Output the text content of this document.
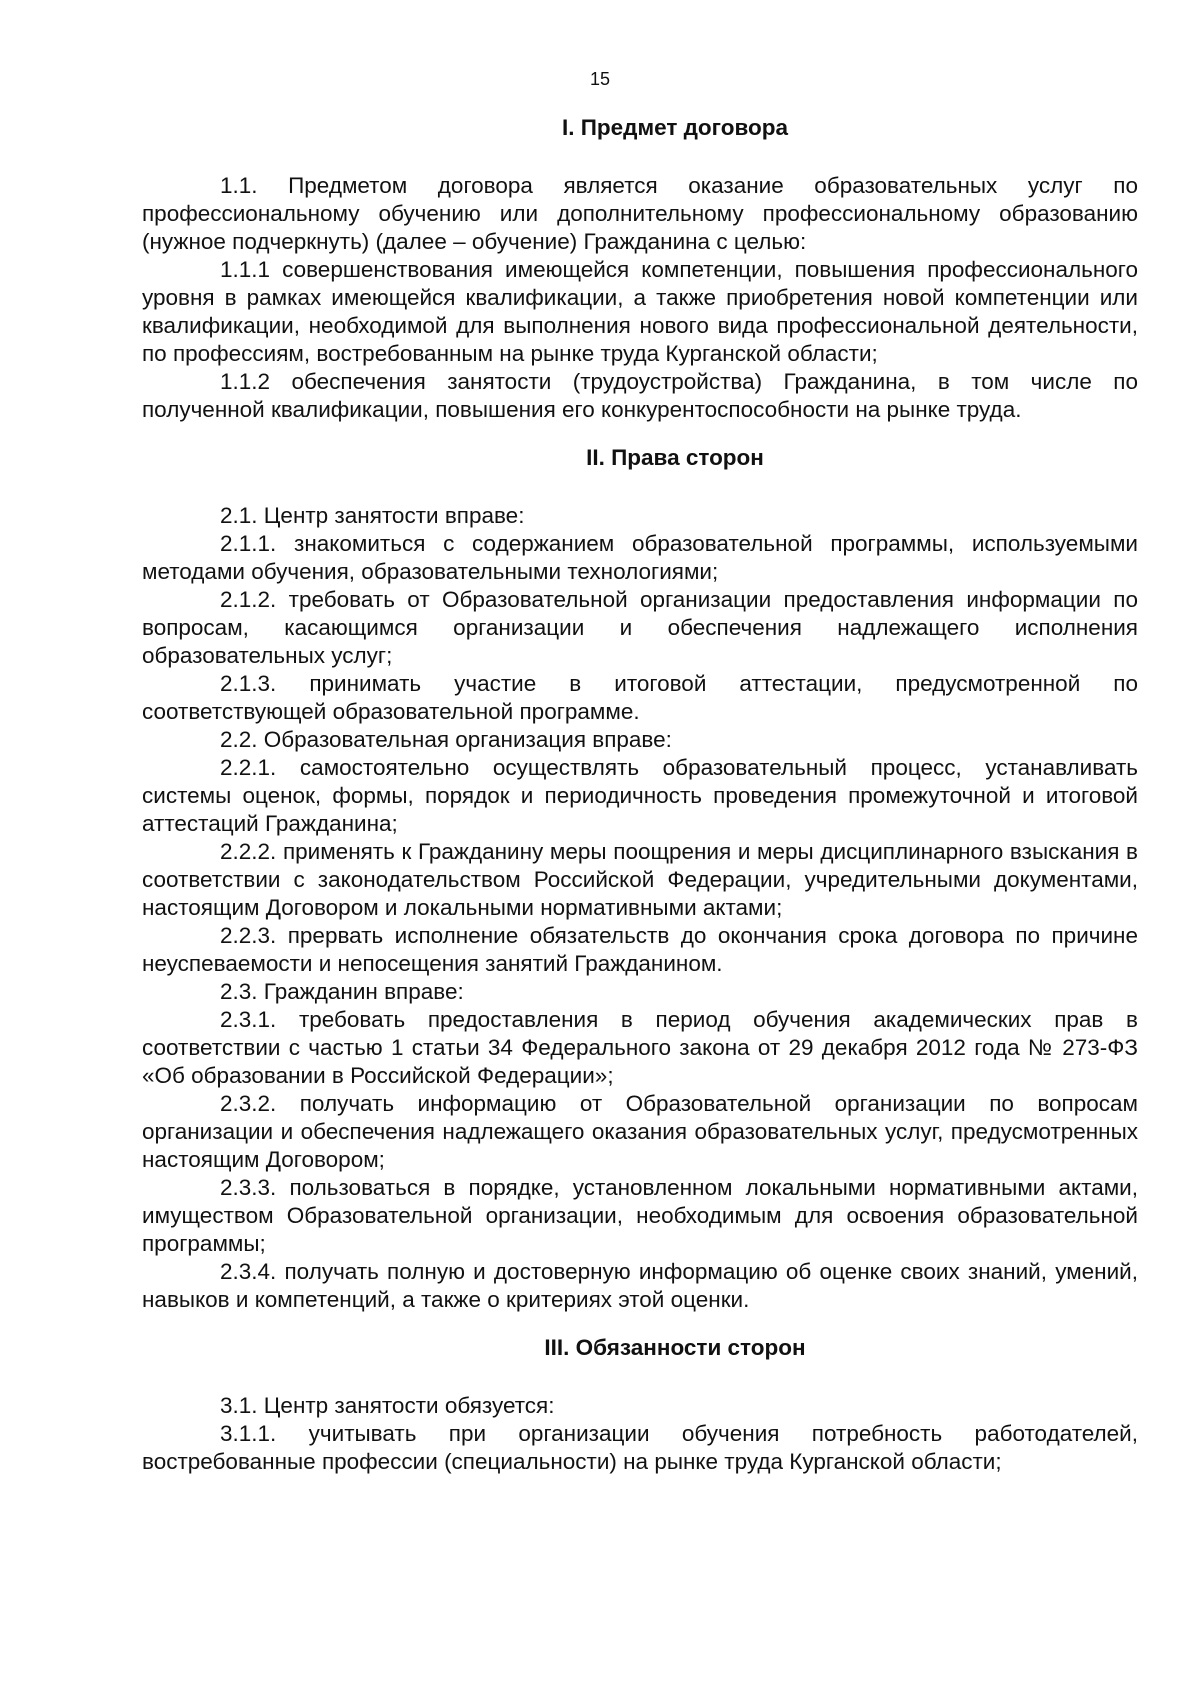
15
I. Предмет договора

1.1. Предметом договора является оказание образовательных услуг по профессиональному обучению или дополнительному профессиональному образованию (нужное подчеркнуть) (далее – обучение) Гражданина с целью:

1.1.1 совершенствования имеющейся компетенции, повышения профессионального уровня в рамках имеющейся квалификации, а также приобретения новой компетенции или квалификации, необходимой для выполнения нового вида профессиональной деятельности, по профессиям, востребованным на рынке труда Курганской области;

1.1.2 обеспечения занятости (трудоустройства) Гражданина, в том числе по полученной квалификации, повышения его конкурентоспособности на рынке труда.

II. Права сторон

2.1. Центр занятости вправе:

2.1.1. знакомиться с содержанием образовательной программы, используемыми методами обучения, образовательными технологиями;

2.1.2. требовать от Образовательной организации предоставления информации по вопросам, касающимся организации и обеспечения надлежащего исполнения образовательных услуг;

2.1.3. принимать участие в итоговой аттестации, предусмотренной по соответствующей образовательной программе.

2.2. Образовательная организация вправе:

2.2.1. самостоятельно осуществлять образовательный процесс, устанавливать системы оценок, формы, порядок и периодичность проведения промежуточной и итоговой аттестаций Гражданина;

2.2.2. применять к Гражданину меры поощрения и меры дисциплинарного взыскания в соответствии с законодательством Российской Федерации, учредительными документами, настоящим Договором и локальными нормативными актами;

2.2.3. прервать исполнение обязательств до окончания срока договора по причине неуспеваемости и непосещения занятий Гражданином.

2.3. Гражданин вправе:

2.3.1. требовать предоставления в период обучения академических прав в соответствии с частью 1 статьи 34 Федерального закона от 29 декабря 2012 года № 273-ФЗ «Об образовании в Российской Федерации»;

2.3.2. получать информацию от Образовательной организации по вопросам организации и обеспечения надлежащего оказания образовательных услуг, предусмотренных настоящим Договором;

2.3.3. пользоваться в порядке, установленном локальными нормативными актами, имуществом Образовательной организации, необходимым для освоения образовательной программы;

2.3.4. получать полную и достоверную информацию об оценке своих знаний, умений, навыков и компетенций, а также о критериях этой оценки.

III. Обязанности сторон

3.1. Центр занятости обязуется:

3.1.1. учитывать при организации обучения потребность работодателей, востребованные профессии (специальности) на рынке труда Курганской области;
